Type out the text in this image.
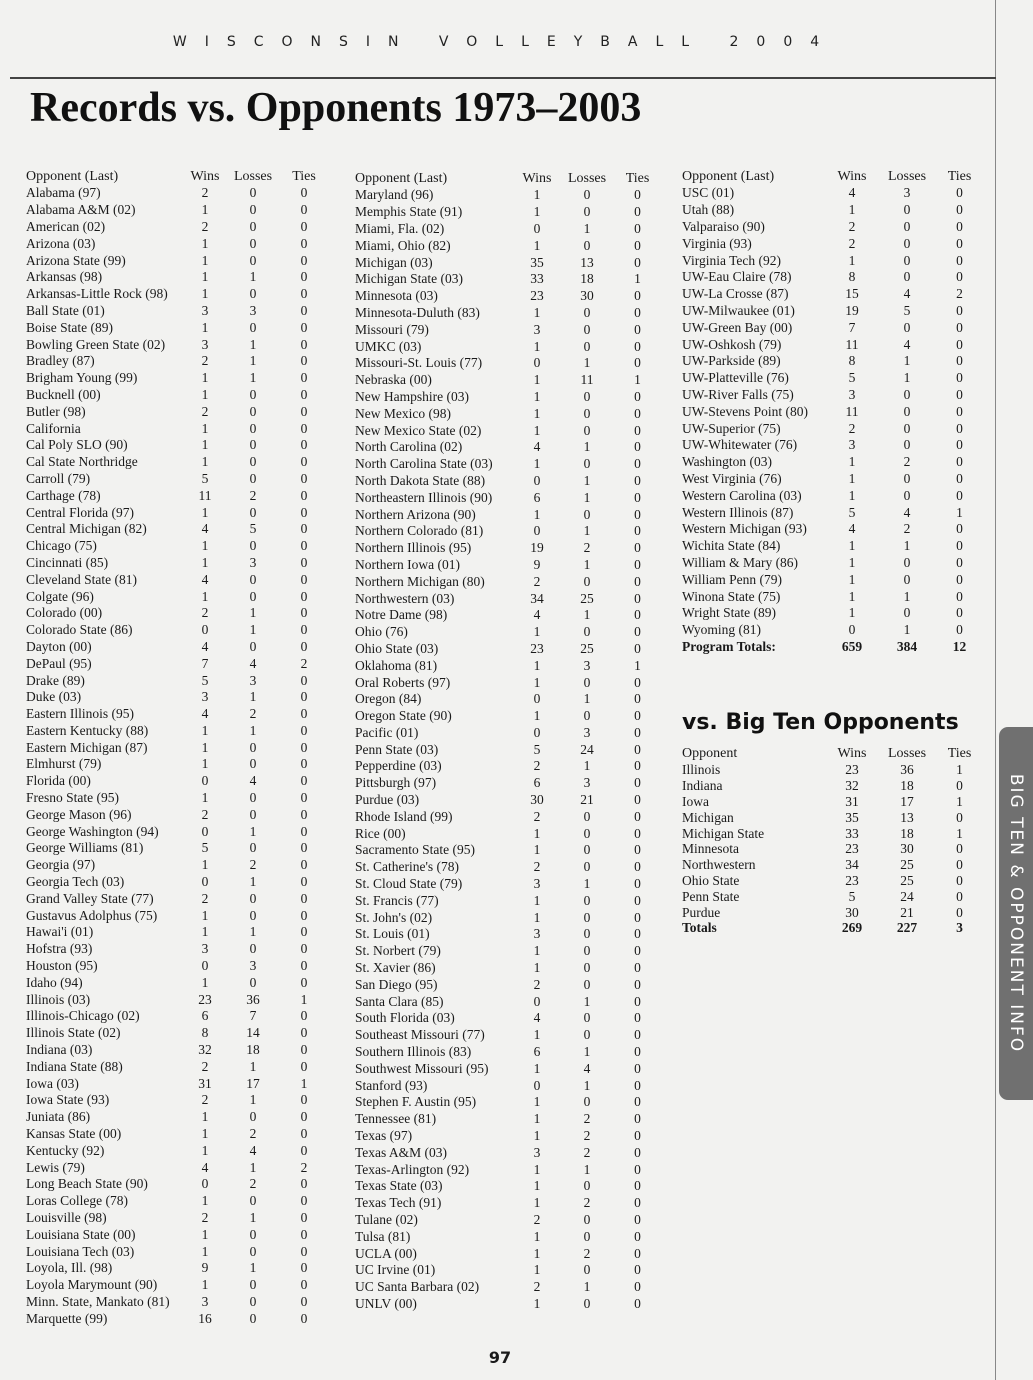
WISCONSIN VOLLEYBALL 2004
Records vs. Opponents 1973–2003
Opponent (Last)	Wins	Losses	Ties
Alabama (97)	2	0	0
Alabama A&M (02)	1	0	0
American (02)	2	0	0
Arizona (03)	1	0	0
Arizona State (99)	1	0	0
Arkansas (98)	1	1	0
Arkansas-Little Rock (98)	1	0	0
Ball State (01)	3	3	0
Boise State (89)	1	0	0
Bowling Green State (02)	3	1	0
Bradley (87)	2	1	0
Brigham Young (99)	1	1	0
Bucknell (00)	1	0	0
Butler (98)	2	0	0
California	1	0	0
Cal Poly SLO (90)	1	0	0
Cal State Northridge	1	0	0
Carroll (79)	5	0	0
Carthage (78)	11	2	0
Central Florida (97)	1	0	0
Central Michigan (82)	4	5	0
Chicago (75)	1	0	0
Cincinnati (85)	1	3	0
Cleveland State (81)	4	0	0
Colgate (96)	1	0	0
Colorado (00)	2	1	0
Colorado State (86)	0	1	0
Dayton (00)	4	0	0
DePaul (95)	7	4	2
Drake (89)	5	3	0
Duke (03)	3	1	0
Eastern Illinois (95)	4	2	0
Eastern Kentucky (88)	1	1	0
Eastern Michigan (87)	1	0	0
Elmhurst (79)	1	0	0
Florida (00)	0	4	0
Fresno State (95)	1	0	0
George Mason (96)	2	0	0
George Washington (94)	0	1	0
George Williams (81)	5	0	0
Georgia (97)	1	2	0
Georgia Tech (03)	0	1	0
Grand Valley State (77)	2	0	0
Gustavus Adolphus (75)	1	0	0
Hawai'i (01)	1	1	0
Hofstra (93)	3	0	0
Houston (95)	0	3	0
Idaho (94)	1	0	0
Illinois (03)	23	36	1
Illinois-Chicago (02)	6	7	0
Illinois State (02)	8	14	0
Indiana (03)	32	18	0
Indiana State (88)	2	1	0
Iowa (03)	31	17	1
Iowa State (93)	2	1	0
Juniata (86)	1	0	0
Kansas State (00)	1	2	0
Kentucky (92)	1	4	0
Lewis (79)	4	1	2
Long Beach State (90)	0	2	0
Loras College (78)	1	0	0
Louisville (98)	2	1	0
Louisiana State (00)	1	0	0
Louisiana Tech (03)	1	0	0
Loyola, Ill. (98)	9	1	0
Loyola Marymount (90)	1	0	0
Minn. State, Mankato (81)	3	0	0
Marquette (99)	16	0	0
Opponent (Last)	Wins	Losses	Ties
Maryland (96)	1	0	0
Memphis State (91)	1	0	0
Miami, Fla. (02)	0	1	0
Miami, Ohio (82)	1	0	0
Michigan (03)	35	13	0
Michigan State (03)	33	18	1
Minnesota (03)	23	30	0
Minnesota-Duluth (83)	1	0	0
Missouri (79)	3	0	0
UMKC (03)	1	0	0
Missouri-St. Louis (77)	0	1	0
Nebraska (00)	1	11	1
New Hampshire (03)	1	0	0
New Mexico (98)	1	0	0
New Mexico State (02)	1	0	0
North Carolina (02)	4	1	0
North Carolina State (03)	1	0	0
North Dakota State (88)	0	1	0
Northeastern Illinois (90)	6	1	0
Northern Arizona (90)	1	0	0
Northern Colorado (81)	0	1	0
Northern Illinois (95)	19	2	0
Northern Iowa (01)	9	1	0
Northern Michigan (80)	2	0	0
Northwestern (03)	34	25	0
Notre Dame (98)	4	1	0
Ohio (76)	1	0	0
Ohio State (03)	23	25	0
Oklahoma (81)	1	3	1
Oral Roberts (97)	1	0	0
Oregon (84)	0	1	0
Oregon State (90)	1	0	0
Pacific (01)	0	3	0
Penn State (03)	5	24	0
Pepperdine (03)	2	1	0
Pittsburgh (97)	6	3	0
Purdue (03)	30	21	0
Rhode Island (99)	2	0	0
Rice (00)	1	0	0
Sacramento State (95)	1	0	0
St. Catherine's (78)	2	0	0
St. Cloud State (79)	3	1	0
St. Francis (77)	1	0	0
St. John's (02)	1	0	0
St. Louis (01)	3	0	0
St. Norbert (79)	1	0	0
St. Xavier (86)	1	0	0
San Diego (95)	2	0	0
Santa Clara (85)	0	1	0
South Florida (03)	4	0	0
Southeast Missouri (77)	1	0	0
Southern Illinois (83)	6	1	0
Southwest Missouri (95)	1	4	0
Stanford (93)	0	1	0
Stephen F. Austin (95)	1	0	0
Tennessee (81)	1	2	0
Texas (97)	1	2	0
Texas A&M (03)	3	2	0
Texas-Arlington (92)	1	1	0
Texas State (03)	1	0	0
Texas Tech (91)	1	2	0
Tulane (02)	2	0	0
Tulsa (81)	1	0	0
UCLA (00)	1	2	0
UC Irvine (01)	1	0	0
UC Santa Barbara (02)	2	1	0
UNLV (00)	1	0	0
Opponent (Last)	Wins	Losses	Ties
USC (01)	4	3	0
Utah (88)	1	0	0
Valparaiso (90)	2	0	0
Virginia (93)	2	0	0
Virginia Tech (92)	1	0	0
UW-Eau Claire (78)	8	0	0
UW-La Crosse (87)	15	4	2
UW-Milwaukee (01)	19	5	0
UW-Green Bay (00)	7	0	0
UW-Oshkosh (79)	11	4	0
UW-Parkside (89)	8	1	0
UW-Platteville (76)	5	1	0
UW-River Falls (75)	3	0	0
UW-Stevens Point (80)	11	0	0
UW-Superior (75)	2	0	0
UW-Whitewater (76)	3	0	0
Washington (03)	1	2	0
West Virginia (76)	1	0	0
Western Carolina (03)	1	0	0
Western Illinois (87)	5	4	1
Western Michigan (93)	4	2	0
Wichita State (84)	1	1	0
William & Mary (86)	1	0	0
William Penn (79)	1	0	0
Winona State (75)	1	1	0
Wright State (89)	1	0	0
Wyoming (81)	0	1	0
Program Totals:	659	384	12
vs. Big Ten Opponents
Opponent	Wins	Losses	Ties
Illinois	23	36	1
Indiana	32	18	0
Iowa	31	17	1
Michigan	35	13	0
Michigan State	33	18	1
Minnesota	23	30	0
Northwestern	34	25	0
Ohio State	23	25	0
Penn State	5	24	0
Purdue	30	21	0
Totals	269	227	3	BIG TEN & OPPONENT INFO
97
